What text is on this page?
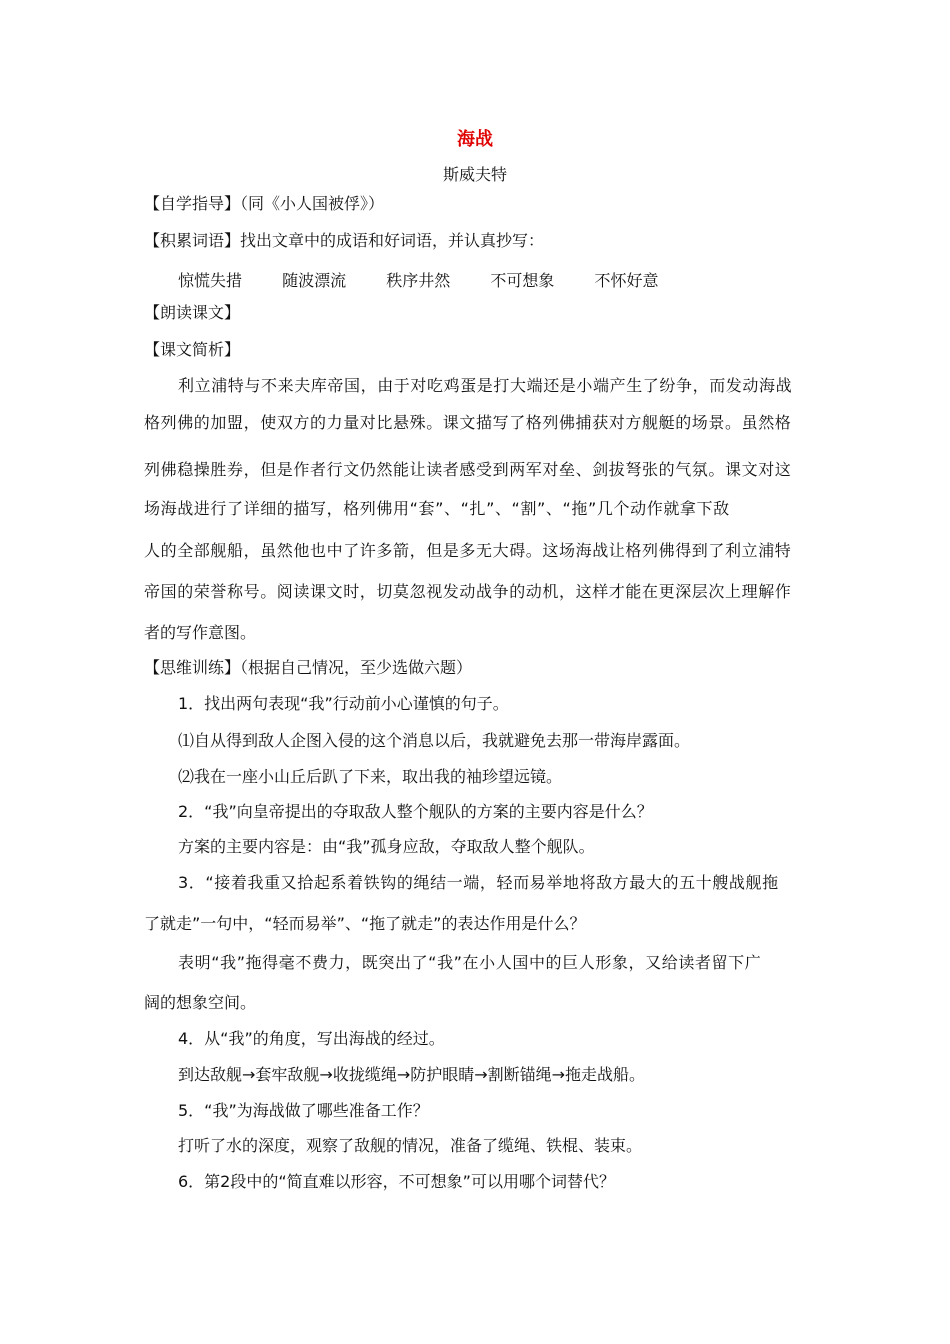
海战
斯威夫特
【自学指导】（同《小人国被俘》）
【积累词语】找出文章中的成语和好词语，并认真抄写：
惊慌失措	随波漂流	秩序井然	不可想象	不怀好意
【朗读课文】
【课文简析】
利立浦特与不来夫库帝国，由于对吃鸡蛋是打大端还是小端产生了纷争，而发动海战
格列佛的加盟，使双方的力量对比悬殊。课文描写了格列佛捕获对方舰艇的场景。虽然格
列佛稳操胜券，但是作者行文仍然能让读者感受到两军对垒、剑拔弩张的气氛。课文对这
场海战进行了详细的描写，格列佛用“套”、“扎”、“割”、“拖”几个动作就拿下敌
人的全部舰船，虽然他也中了许多箭，但是多无大碍。这场海战让格列佛得到了利立浦特
帝国的荣誉称号。阅读课文时，切莫忽视发动战争的动机，这样才能在更深层次上理解作
者的写作意图。
【思维训练】（根据自己情况，至少选做六题）
1．找出两句表现“我”行动前小心谨慎的句子。
⑴自从得到敌人企图入侵的这个消息以后，我就避免去那一带海岸露面。
⑵我在一座小山丘后趴了下来，取出我的袖珍望远镜。
2．“我”向皇帝提出的夺取敌人整个舰队的方案的主要内容是什么？
方案的主要内容是：由“我”孤身应敌，夺取敌人整个舰队。
3．“接着我重又拾起系着铁钩的绳结一端，轻而易举地将敌方最大的五十艘战舰拖
了就走”一句中，“轻而易举”、“拖了就走”的表达作用是什么？
表明“我”拖得毫不费力，既突出了“我”在小人国中的巨人形象，又给读者留下广
阔的想象空间。
4．从“我”的角度，写出海战的经过。
到达敌舰→套牢敌舰→收拢缆绳→防护眼睛→割断锚绳→拖走战船。
5．“我”为海战做了哪些准备工作？
打听了水的深度，观察了敌舰的情况，准备了缆绳、铁棍、装束。
6．第2段中的“简直难以形容，不可想象”可以用哪个词替代？
